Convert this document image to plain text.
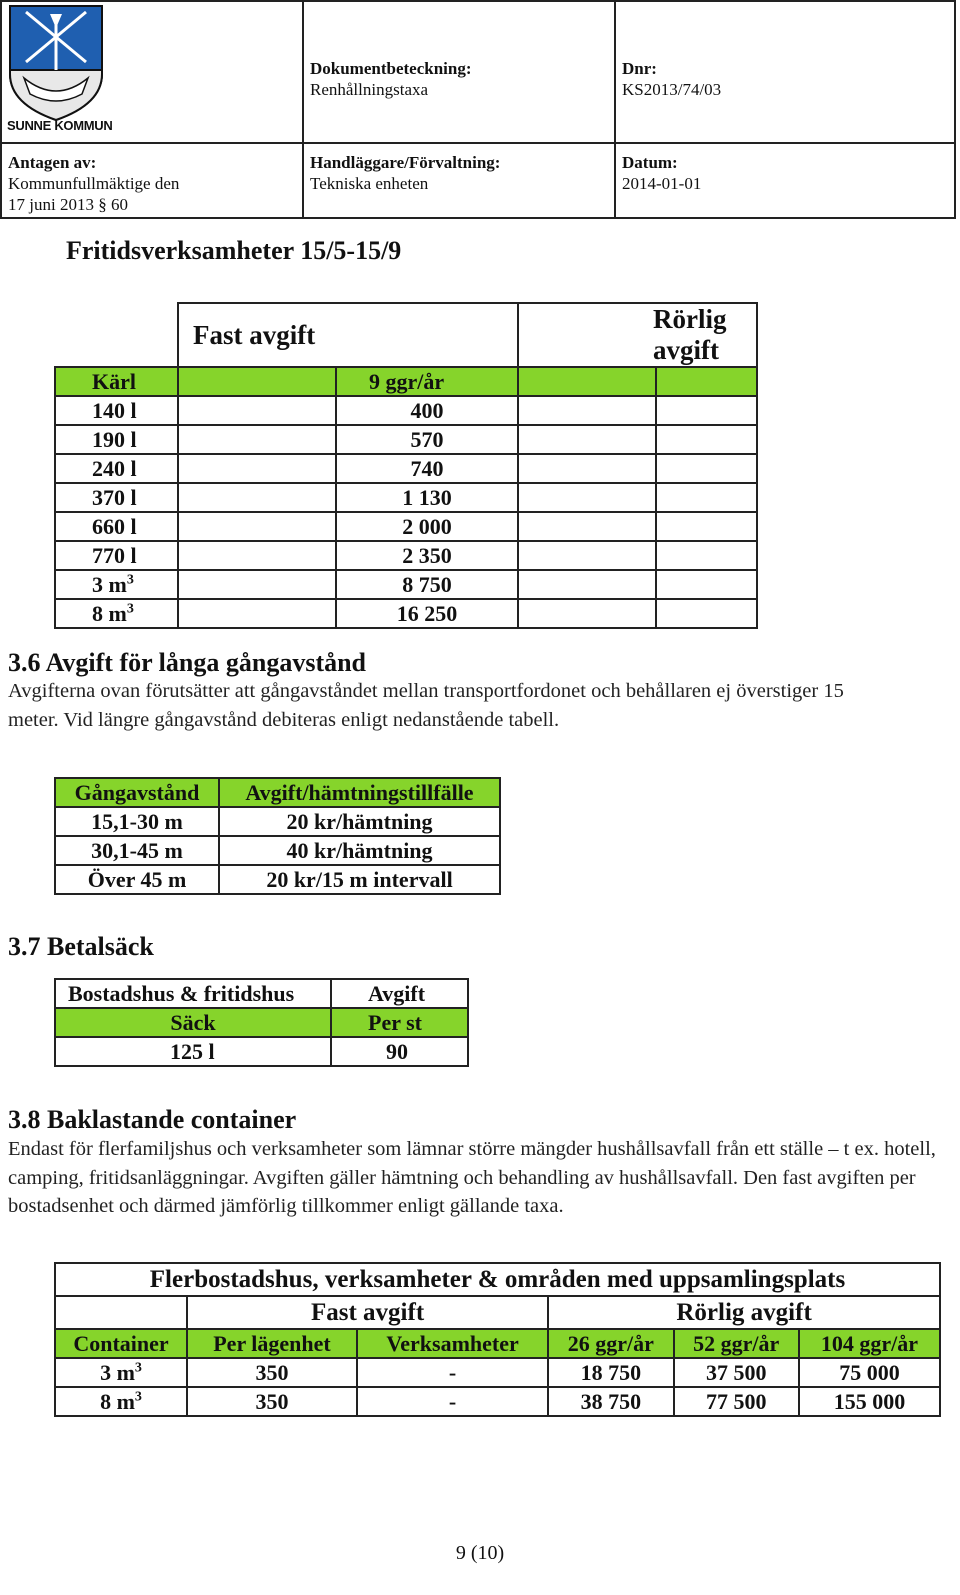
SUNNE KOMMUN	Dokumentbeteckning:
Renhållningstaxa	Dnr:
KS2013/74/03

Antagen av:
Kommunfullmäktige den
17 juni 2013 § 60	Handläggare/Förvaltning:
Tekniska enheten	Datum:
2014-01-01
Fritidsverksamheter 15/5-15/9
	Fast avgift		Rörlig avgift	
Kärl		9 ggr/år		
140 l		400		
190 l		570		
240 l		740		
370 l		1 130		
660 l		2 000		
770 l		2 350		
3 $m^3$		8 750		
8 $m^3$		16 250		
3.6 Avgift för långa gångavstånd

Avgifterna ovan förutsätter att gångavståndet mellan transportfordonet och behållaren ej överstiger 15 meter. Vid längre gångavstånd debiteras enligt nedanstående tabell.

Gångavstånd	Avgift/hämtningstillfälle
15,1-30 m	20 kr/hämtning
30,1-45 m	40 kr/hämtning
Över 45 m	20 kr/15 m intervall
3.7 Betalsäck
Bostadshus & fritidshus	Avgift
Säck	Per st
125 l	90
3.8 Baklastande container

Endast för flerfamiljshus och verksamheter som lämnar större mängder hushållsavfall från ett ställe – t ex. hotell, camping, fritidsanläggningar. Avgiften gäller hämtning och behandling av hushållsavfall. Den fast avgiften per bostadsenhet och därmed jämförlig tillkommer enligt gällande taxa.

Flerbostadshus, verksamheter & områden med uppsamlingsplats					
	Fast avgift		Rörlig avgift		
Container	Per lägenhet	Verksamheter	26 ggr/år	52 ggr/år	104 ggr/år
3 $m^3$	350	-	18 750	37 500	75 000
8 $m^3$	350	-	38 750	77 500	155 000
9 (10)
